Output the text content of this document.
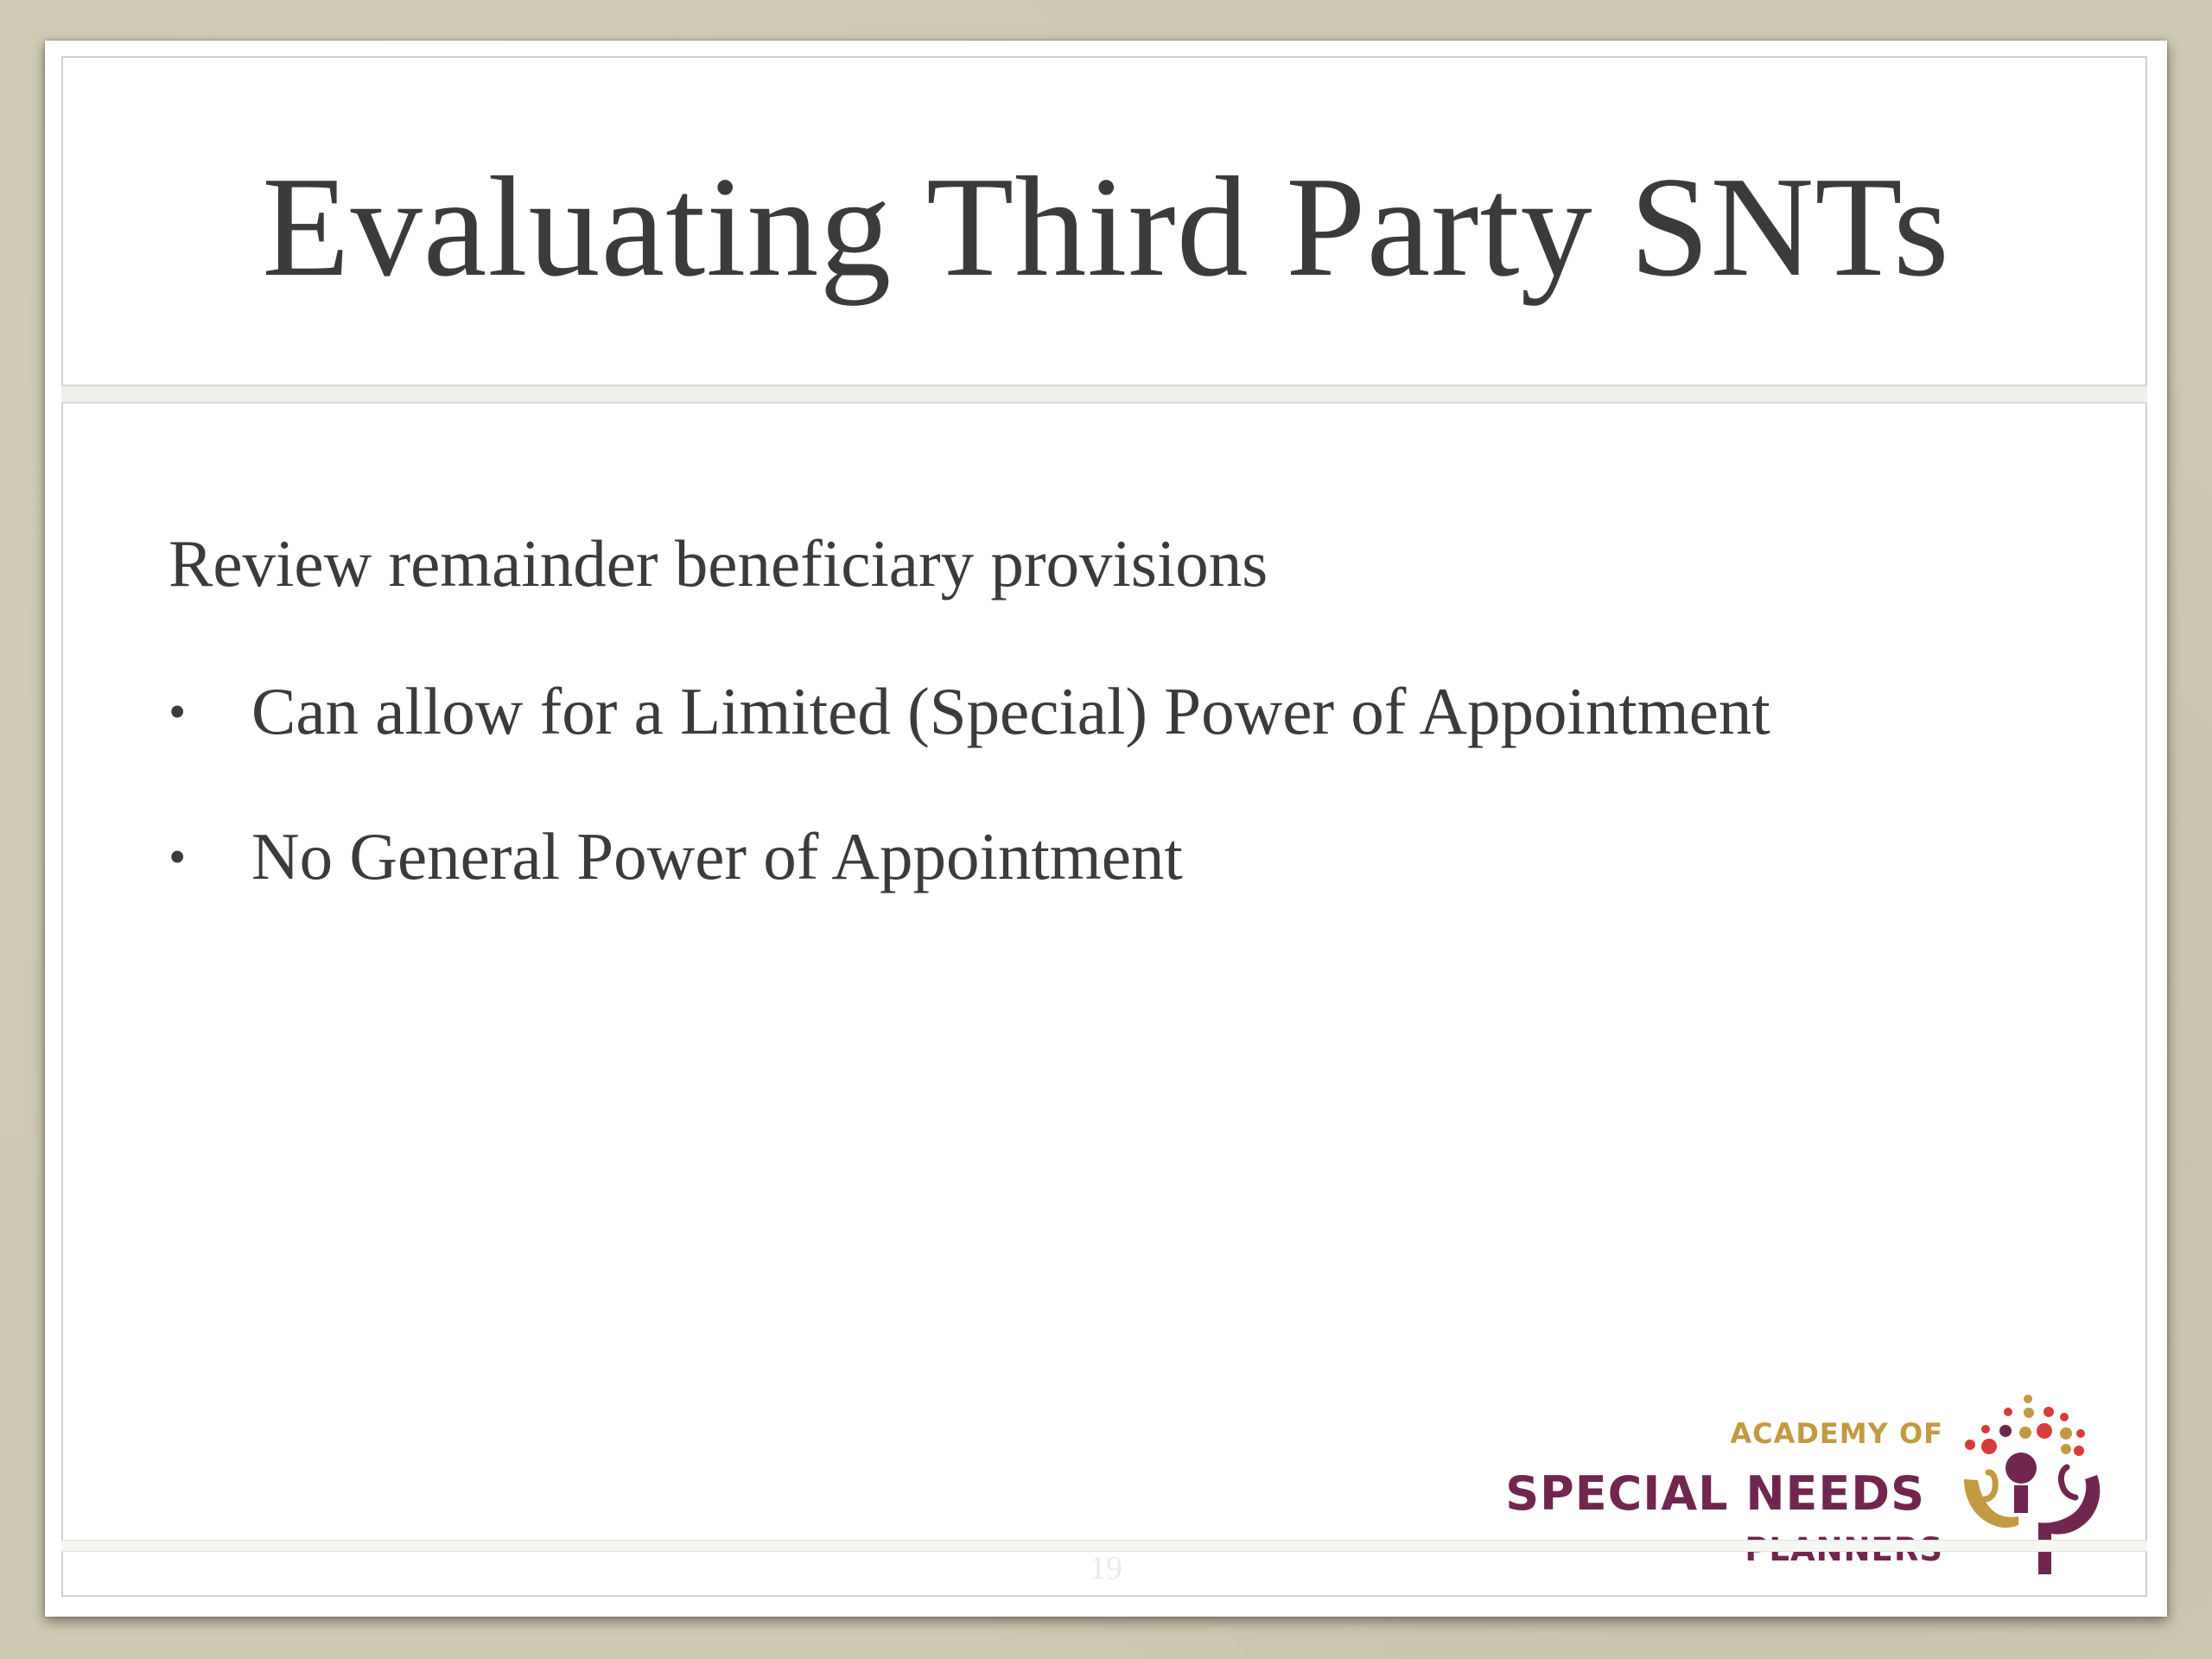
Evaluating Third Party SNTs
Review remainder beneficiary provisions
• Can allow for a Limited (Special) Power of Appointment
• No General Power of Appointment
ACADEMY OF
SPECIAL NEEDS
19
